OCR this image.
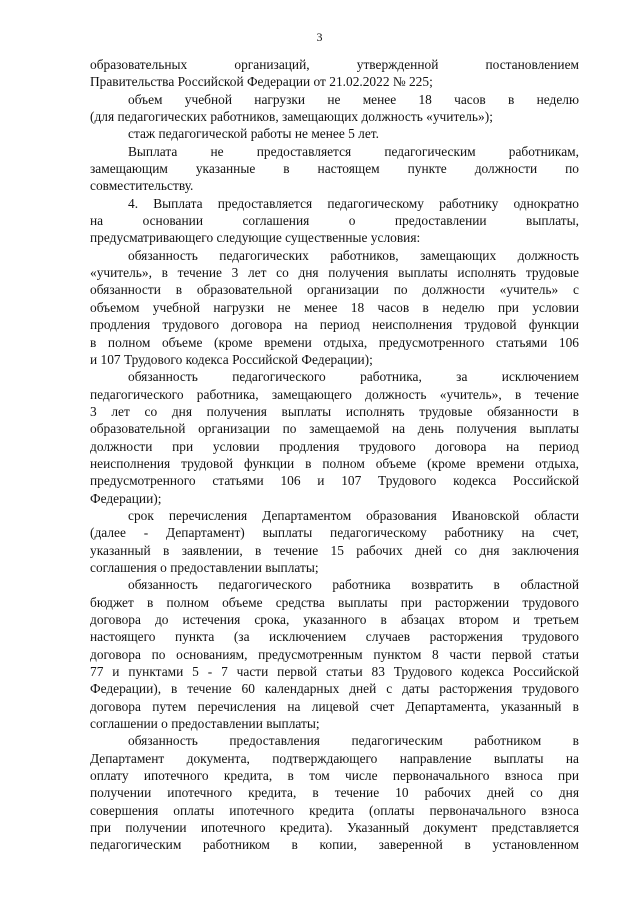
3
образовательных организаций, утвержденной постановлением
Правительства Российской Федерации от 21.02.2022 № 225;
объем учебной нагрузки не менее 18 часов в неделю
(для педагогических работников, замещающих должность «учитель»);
стаж педагогической работы не менее 5 лет.
Выплата не предоставляется педагогическим работникам,
замещающим указанные в настоящем пункте должности по
совместительству.
4. Выплата предоставляется педагогическому работнику однократно
на основании соглашения о предоставлении выплаты,
предусматривающего следующие существенные условия:
обязанность педагогических работников, замещающих должность
«учитель», в течение 3 лет со дня получения выплаты исполнять трудовые
обязанности в образовательной организации по должности «учитель» с
объемом учебной нагрузки не менее 18 часов в неделю при условии
продления трудового договора на период неисполнения трудовой функции
в полном объеме (кроме времени отдыха, предусмотренного статьями 106
и 107 Трудового кодекса Российской Федерации);
обязанность педагогического работника, за исключением
педагогического работника, замещающего должность «учитель», в течение
3 лет со дня получения выплаты исполнять трудовые обязанности в
образовательной организации по замещаемой на день получения выплаты
должности при условии продления трудового договора на период
неисполнения трудовой функции в полном объеме (кроме времени отдыха,
предусмотренного статьями 106 и 107 Трудового кодекса Российской
Федерации);
срок перечисления Департаментом образования Ивановской области
(далее - Департамент) выплаты педагогическому работнику на счет,
указанный в заявлении, в течение 15 рабочих дней со дня заключения
соглашения о предоставлении выплаты;
обязанность педагогического работника возвратить в областной
бюджет в полном объеме средства выплаты при расторжении трудового
договора до истечения срока, указанного в абзацах втором и третьем
настоящего пункта (за исключением случаев расторжения трудового
договора по основаниям, предусмотренным пунктом 8 части первой статьи
77 и пунктами 5 - 7 части первой статьи 83 Трудового кодекса Российской
Федерации), в течение 60 календарных дней с даты расторжения трудового
договора путем перечисления на лицевой счет Департамента, указанный в
соглашении о предоставлении выплаты;
обязанность предоставления педагогическим работником в
Департамент документа, подтверждающего направление выплаты на
оплату ипотечного кредита, в том числе первоначального взноса при
получении ипотечного кредита, в течение 10 рабочих дней со дня
совершения оплаты ипотечного кредита (оплаты первоначального взноса
при получении ипотечного кредита). Указанный документ представляется
педагогическим работником в копии, заверенной в установленном
